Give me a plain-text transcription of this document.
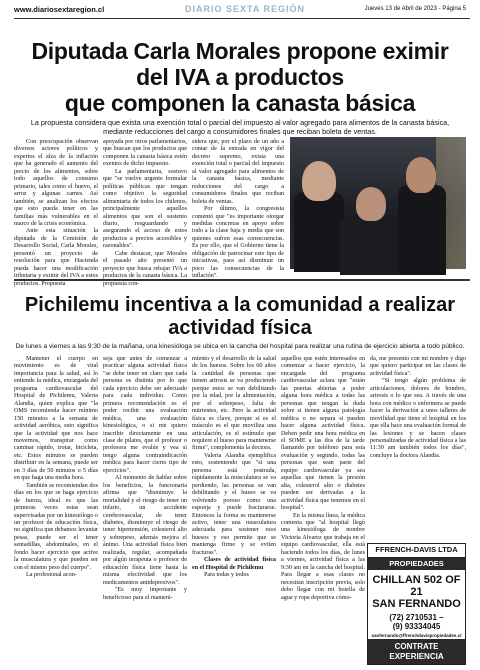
www.diariosextaregion.cl	DIARIO SEXTA REGIÓN	Jueves 13 de Abril de 2023 - Página 5
Diputada Carla Morales propone eximir
del IVA a productos
que componen la canasta básica
La propuesta considera que exista una exención total o parcial del impuesto al valor agregado para alimentos de la canasta básica,
mediante reducciones del cargo a consumidores finales que reciban boleta de ventas.

Con preocupación observan diversos actores políticos y expertos el alza de la inflación que ha generado el aumento del precio de los alimentos, sobre todo aquellos de consumo primario, tales como el huevo, el arroz y algunas carnes. Así también, se analizan los efectos que esto pueda tener en las familias más vulnerables en el marco de la crisis económica.

Ante esta situación la diputada de la Comisión de Desarrollo Social, Carla Morales, presentó un proyecto de resolución para que Hacienda pueda hacer una modificación tributaria y eximir del IVA a estos productos. Propuesta

apoyada por otros parlamentarios, que buscan que los productos que componen la canasta básica estén exentos de dicho impuesto.

La parlamentaria, sostuvo que "se vuelve urgente formular políticas públicas que tengan como objetivo la seguridad alimentaria de todos los chilenos, principalmente aquellos alimentos que son el sustento diario, resguardando y asegurando el acceso de estos productos a precios accesibles y razonables".

Cabe destacar, que Morales el pasado año presentó un proyecto que busca rebajar IVA a productos de la canasta básica. La propuesta con-

sidera que, por el plazo de un año a contar de la entrada en vigor del decreto supremo, exista una exención total o parcial del impuesto al valor agregado para alimentos de la canasta básica, mediante reducciones del cargo a consumidores finales que reciban boleta de ventas.

Por último, la congresista comentó que "es importante otorgar medidas concretas en apoyo sobre todo a la clase baja y media que son quienes sufren esas consecuencias. Es por ello, que el Gobierno tiene la obligación de patrocinar este tipo de iniciativas, para así disminuir un poco las consecuencias de la inflación".

Pichilemu incentiva a la comunidad a realizar
actividad física
De lunes a viernes a las 9:30 de la mañana, una kinesióloga se ubica en la cancha del hospital para realizar una rutina de ejercicio abierta a todo público.

Mantener el cuerpo en movimiento es de vital importancia para la salud, así lo entiende la médica, encargada del programa cardiovascular del Hospital de Pichilemu, Valeria Alandia, quien explica que "la OMS recomienda hacer mínimo 150 minutos a la semana de actividad aeróbica, esto significa que la actividad que nos hace movernos, transpirar como caminar rápido, trotar, bicicleta, etc. Estos minutos se pueden distribuir en la semana, puede ser en 3 días de 50 minutos o 5 días en que haga una media hora.

También se recomiendan dos días en los que se haga ejercicio de fuerza, ideal es que las primeras veces estas sean supervisadas por un kinesiólogo o un profesor de educación física, no significa que debamos levantar pesas, puede ser el tener sentadillas, abdominales, en el fondo hacer ejercicio que active la musculatura y que pueden ser con el mismo peso del cuerpo".

La profesional acon-

seja que antes de comenzar a practicar alguna actividad física "se debe tener en claro que cada persona es distinta por lo que cada ejercicio debe ser adecuado para cada individuo. Como primera recomendación es el poder recibir una evaluación médica, una evaluación kinesiológica, o si me quiero inscribir directamente en una clase de pilates, que el profesor o profesora me evalúe y vea si tengo alguna contraindicación médica para hacer cierto tipo de ejercicios".

Al momento de hablar sobre los beneficios, la funcionaria afirma que "disminuye la mortalidad y el riesgo de tener un infarto, un accidente cerebrovascular, de tener diabetes, disminuye el riesgo de tener hipertensión, colesterol alto y sobrepeso, además mejora el ánimo. Una actividad física bien realizada, regular, acompañada por algún terapeuta o profesor de educación física tiene hasta la misma efectividad que los medicamentos antidepresivos".

"Es muy importante y beneficioso para el manteni-

miento y el desarrollo de la salud de los huesos. Sobre los 60 años la cantidad de personas que tienen artrosis se va produciendo porque estos se van debilitando por la edad, por la alimentación, por el sobrepeso, falta de nutrientes, etc. Pero la actividad física es clave, porque si es el músculo es el que moviliza una articulación, es el estímulo que requiere el hueso para mantenerse firme", complementa la doctora.

Valeria Alandia ejemplifica esto, sosteniendo que "si una persona está postrada, rápidamente la musculatura se va perdiendo, las personas se van debilitando y el hueso se va volviendo poroso como una esponja y puede fracturarse. Entonces la forma es mantenerse activo, tener una musculatura adecuada para sostener esos huesos y eso permite que se mantenga firme y se eviten fracturas".

Clases de actividad física en el Hospital de Pichilemu

Para todas y todos

aquellos que estén interesados en comenzar a hacer ejercicio, la encargada del programa cardiovascular aclara que "están las puertas abiertas a poder alguna hora médica a todas las personas que tengan la duda sobre si tienen alguna patología médica o no separa si pueden hacer alguna actividad física. Deben pedir una hora médica en el SOME a las dos de la tarde llamando por teléfono para esta evaluación y segundo, todas las personas que sean parte del equipo cardiovascular ya sea aquellas que tienen la presión alta, colesterol alto o diabetes pueden ser derivadas a la actividad física que tenemos en el hospital".

En la misma línea, la médica comenta que "al hospital llegó una kinesióloga de nombre Victoria Alvarez que trabaja en el equipo cardiovascular, ella está haciendo todos los días, de lunes a viernes, actividad física a las 9:30 am en la cancha del hospital. Para llegar a esas clases no necesitan inscripción previa, solo debo llegar con mi botella de agua y ropa deportiva cómo-

da, me presento con mi nombre y digo que quiero participar en las clases de actividad física".

"Si tengo algún problema de articulaciones, dolores de hombro, artrosis o lo que sea. A través de una hora con médico o enfermera se puede hacer la derivación a unos talleres de movilidad que tiene el hospital en los que ella hace una evaluación formal de las lesiones y se hacen clases personalizadas de actividad física a las 11:30 am también todos los días", concluye la doctora Alandia.

FFRENCH-DAVIS LTDA
PROPIEDADES
CHILLAN 502 OF 21
SAN FERNANDO
(72) 2710531 –
(9) 93334045
sanfernando@ffrenchdavispropiedades.cl
CONTRATE
EXPERIENCIA
